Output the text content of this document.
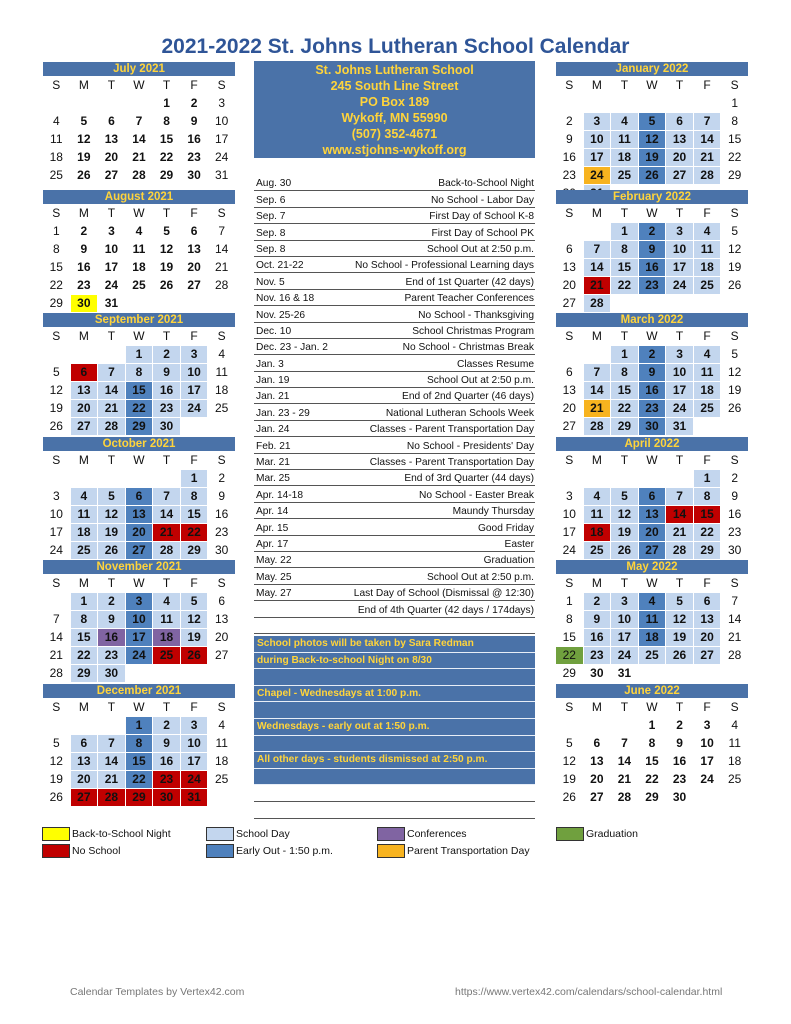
2021-2022 St. Johns Lutheran School Calendar
July 2021
S	M	T	W	T	F	S
				1	2	3
4	5	6	7	8	9	10
11	12	13	14	15	16	17
18	19	20	21	22	23	24
25	26	27	28	29	30	31

August 2021
S	M	T	W	T	F	S
1	2	3	4	5	6	7
8	9	10	11	12	13	14
15	16	17	18	19	20	21
22	23	24	25	26	27	28
29	30	31				

September 2021
S	M	T	W	T	F	S
			1	2	3	4
5	6	7	8	9	10	11
12	13	14	15	16	17	18
19	20	21	22	23	24	25
26	27	28	29	30		

October 2021
S	M	T	W	T	F	S
					1	2
3	4	5	6	7	8	9
10	11	12	13	14	15	16
17	18	19	20	21	22	23
24	25	26	27	28	29	30

November 2021
S	M	T	W	T	F	S
	1	2	3	4	5	6
7	8	9	10	11	12	13
14	15	16	17	18	19	20
21	22	23	24	25	26	27
28	29	30				

December 2021
S	M	T	W	T	F	S
			1	2	3	4
5	6	7	8	9	10	11
12	13	14	15	16	17	18
19	20	21	22	23	24	25
26	27	28	29	30	31	

January 2022
S	M	T	W	T	F	S
						1
2	3	4	5	6	7	8
9	10	11	12	13	14	15
16	17	18	19	20	21	22
23	24	25	26	27	28	29

February 2022
S	M	T	W	T	F	S
		1	2	3	4	5
6	7	8	9	10	11	12
13	14	15	16	17	18	19
20	21	22	23	24	25	26
27	28					

March 2022
S	M	T	W	T	F	S
		1	2	3	4	5
6	7	8	9	10	11	12
13	14	15	16	17	18	19
20	21	22	23	24	25	26
27	28	29	30	31		

April 2022
S	M	T	W	T	F	S
					1	2
3	4	5	6	7	8	9
10	11	12	13	14	15	16
17	18	19	20	21	22	23
24	25	26	27	28	29	30

May 2022
S	M	T	W	T	F	S
1	2	3	4	5	6	7
8	9	10	11	12	13	14
15	16	17	18	19	20	21
22	23	24	25	26	27	28
29	30	31				

June 2022
S	M	T	W	T	F	S
			1	2	3	4
5	6	7	8	9	10	11
12	13	14	15	16	17	18
19	20	21	22	23	24	25
26	27	28	29	30		

St. Johns Lutheran School
245 South Line Street
PO Box 189
Wykoff, MN 55990
(507) 352-4671
www.stjohns-wykoff.org
Aug. 30	Back-to-School Night
Sep. 6	No School - Labor Day
Sep. 7	First Day of School K-8
Sep. 8	First Day of School PK
Sep. 8	School Out at 2:50 p.m.
Oct. 21-22	No School - Professional Learning days
Nov. 5	End of 1st Quarter (42 days)
Nov. 16 & 18	Parent Teacher Conferences
Nov. 25-26	No School - Thanksgiving
Dec. 10	School Christmas Program
Dec. 23 - Jan. 2	No School - Christmas Break
Jan. 3	Classes Resume
Jan. 19	School Out at 2:50 p.m.
Jan. 21	End of 2nd Quarter (46 days)
Jan. 23 - 29	National Lutheran Schools Week
Jan. 24	Classes - Parent Transportation Day
Feb. 21	No School - Presidents' Day
Mar. 21	Classes - Parent Transportation Day
Mar. 25	End of 3rd Quarter (44 days)
Apr. 14-18	No School - Easter Break
Apr. 14	Maundy Thursday
Apr. 15	Good Friday
Apr. 17	Easter
May. 22	Graduation
May. 25	School Out at 2:50 p.m.
May. 27	Last Day of School (Dismissal @ 12:30)
End of 4th Quarter (42 days / 174days)
School photos will be taken by Sara Redman
during Back-to-school Night on 8/30
Chapel - Wednesdays at 1:00 p.m.
Wednesdays - early out at 1:50 p.m.
All other days - students dismissed at 2:50 p.m.
Back-to-School Night
No School
School Day
Early Out - 1:50 p.m.
Conferences
Parent Transportation Day
Graduation
Calendar Templates by Vertex42.com	https://www.vertex42.com/calendars/school-calendar.html
